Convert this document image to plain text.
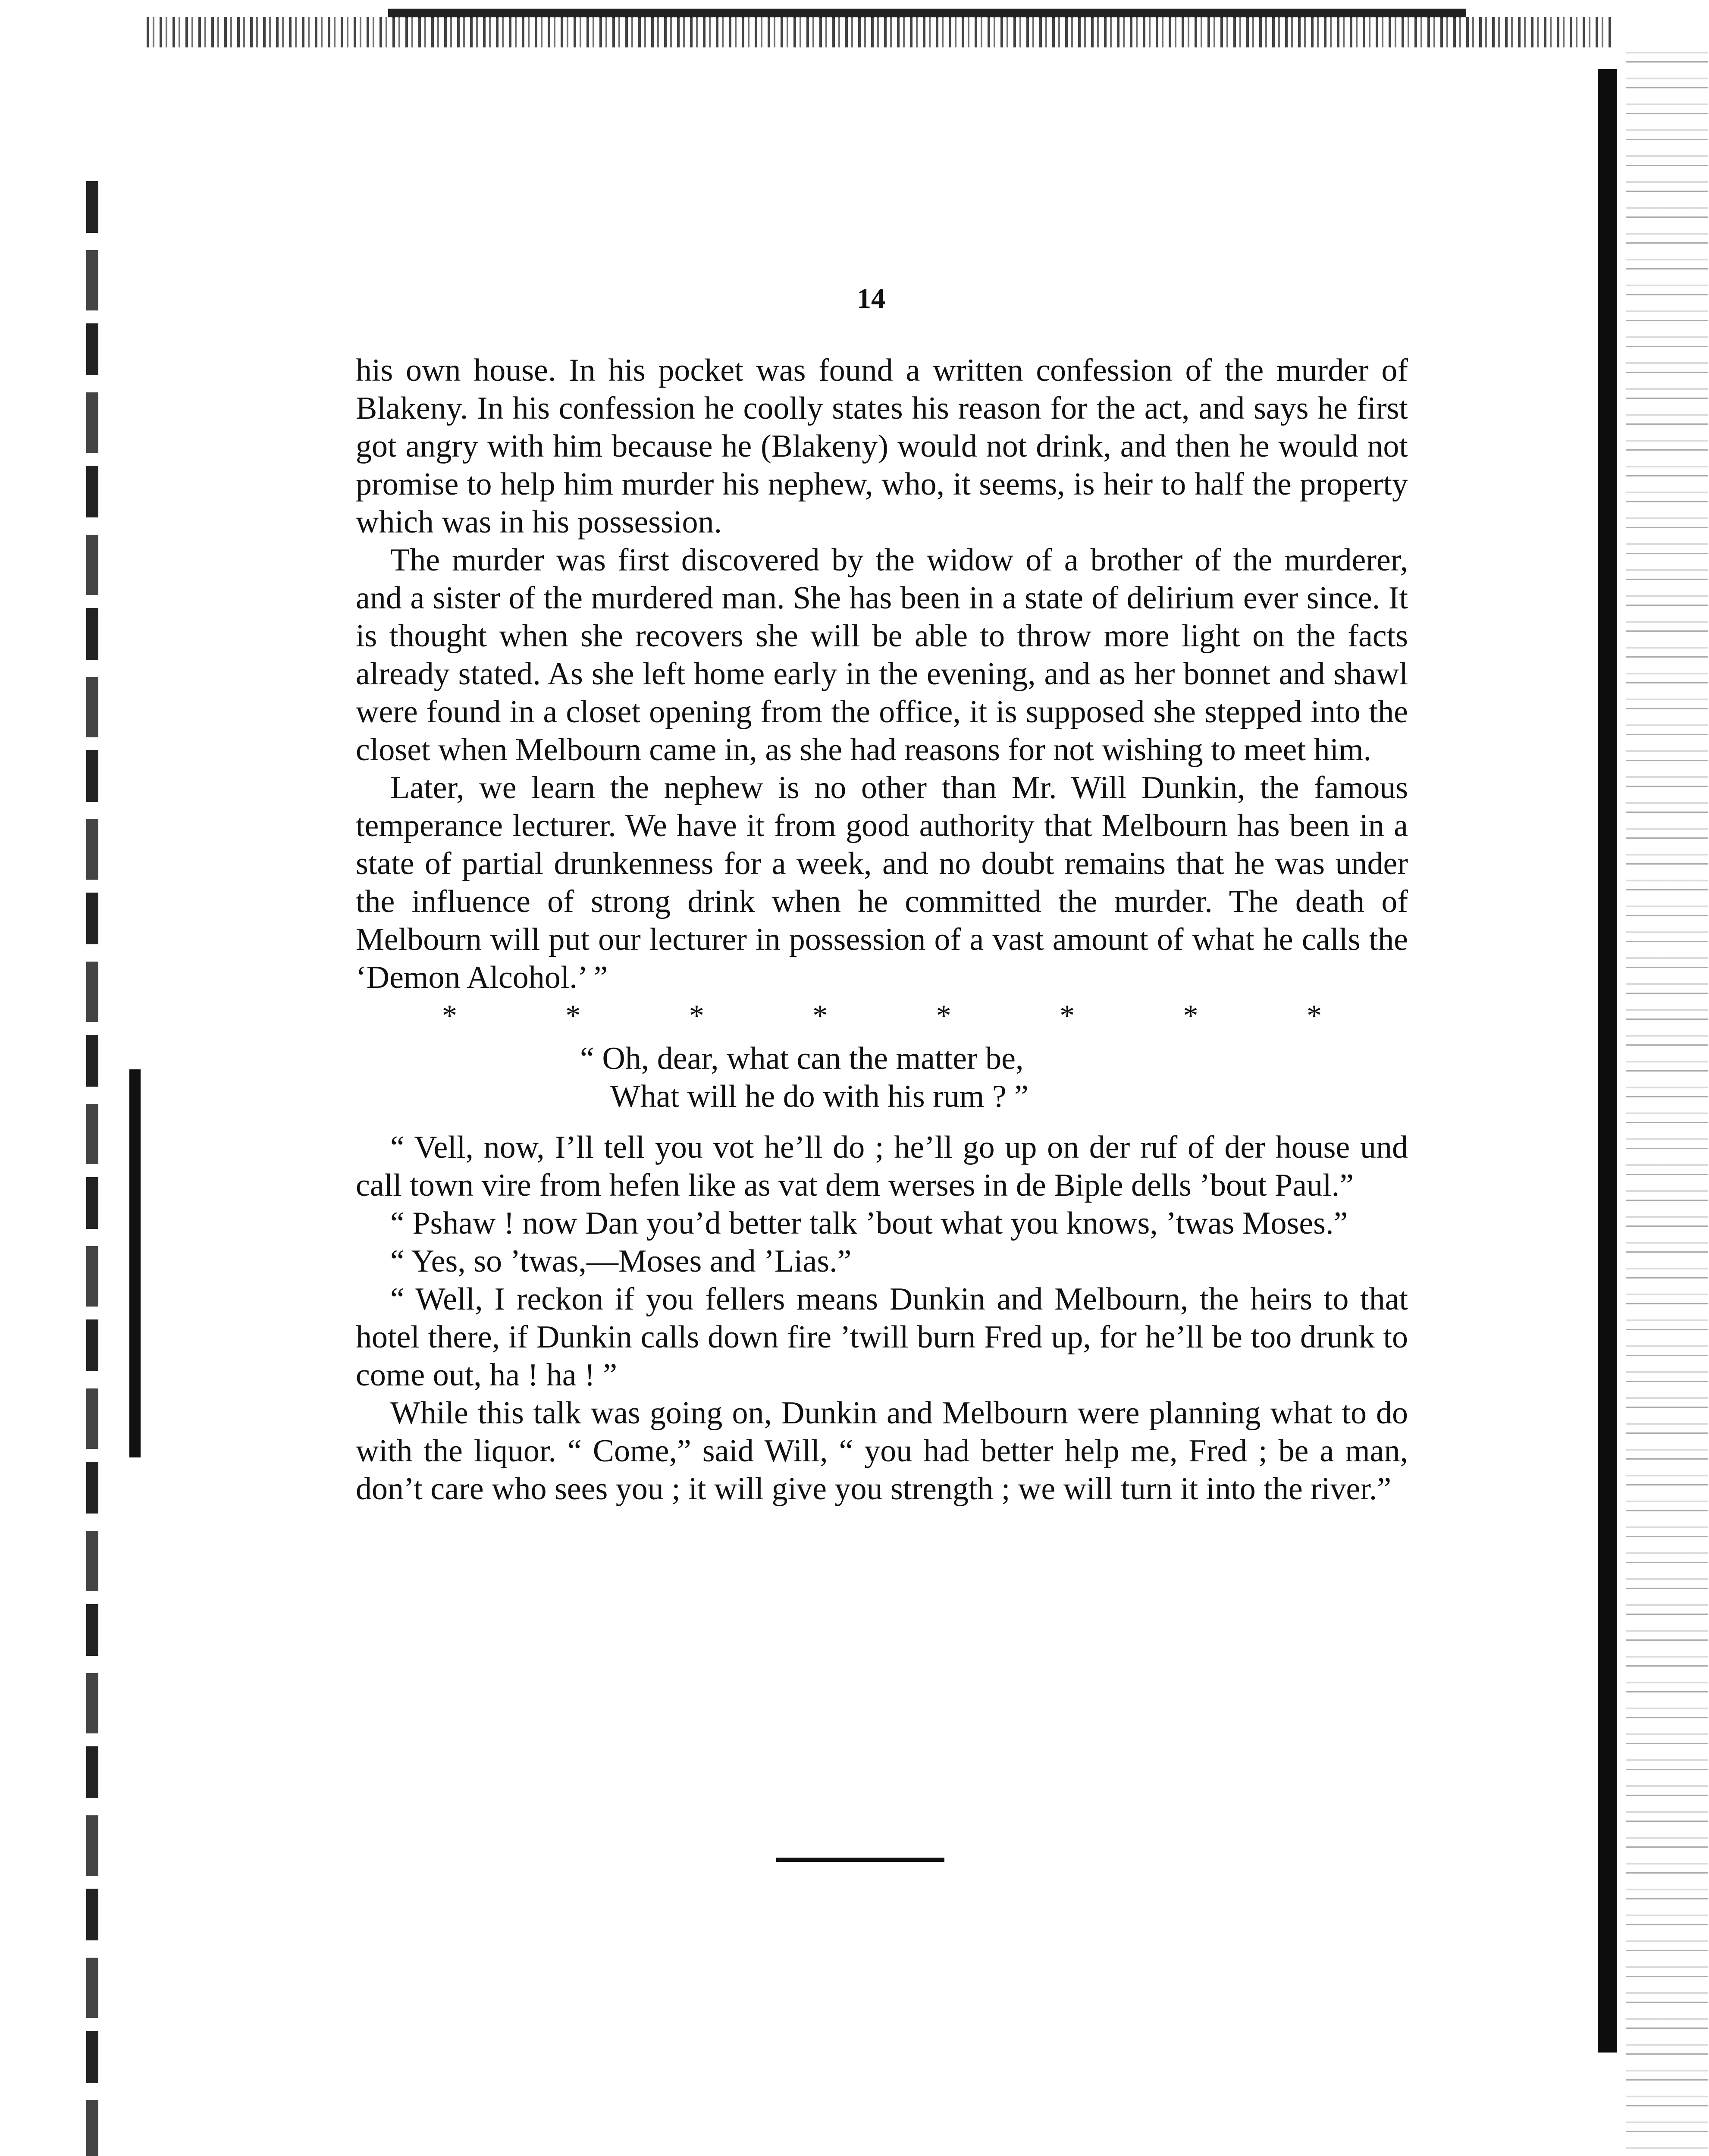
14

his own house. In his pocket was found a written confession of the murder of Blakeny. In his confession he coolly states his reason for the act, and says he first got angry with him because he (Blakeny) would not drink, and then he would not promise to help him murder his nephew, who, it seems, is heir to half the property which was in his possession.

The murder was first discovered by the widow of a brother of the murderer, and a sister of the murdered man. She has been in a state of delirium ever since. It is thought when she recovers she will be able to throw more light on the facts already stated. As she left home early in the evening, and as her bonnet and shawl were found in a closet opening from the office, it is supposed she stepped into the closet when Melbourn came in, as she had reasons for not wishing to meet him.

Later, we learn the nephew is no other than Mr. Will Dunkin, the famous temperance lecturer. We have it from good authority that Melbourn has been in a state of partial drunkenness for a week, and no doubt remains that he was under the influence of strong drink when he committed the murder. The death of Melbourn will put our lecturer in possession of a vast amount of what he calls the ‘Demon Alcohol.’ ”

*	*	*	*	*	*	*	*
“ Oh, dear, what can the matter be,
What will he do with his rum ? ”

“ Vell, now, I’ll tell you vot he’ll do ; he’ll go up on der ruf of der house und call town vire from hefen like as vat dem werses in de Biple dells ’bout Paul.”

“ Pshaw ! now Dan you’d better talk ’bout what you knows, ’twas Moses.”

“ Yes, so ’twas,—Moses and ’Lias.”

“ Well, I reckon if you fellers means Dunkin and Melbourn, the heirs to that hotel there, if Dunkin calls down fire ’twill burn Fred up, for he’ll be too drunk to come out, ha ! ha ! ”

While this talk was going on, Dunkin and Melbourn were planning what to do with the liquor. “ Come,” said Will, “ you had better help me, Fred ; be a man, don’t care who sees you ; it will give you strength ; we will turn it into the river.”
